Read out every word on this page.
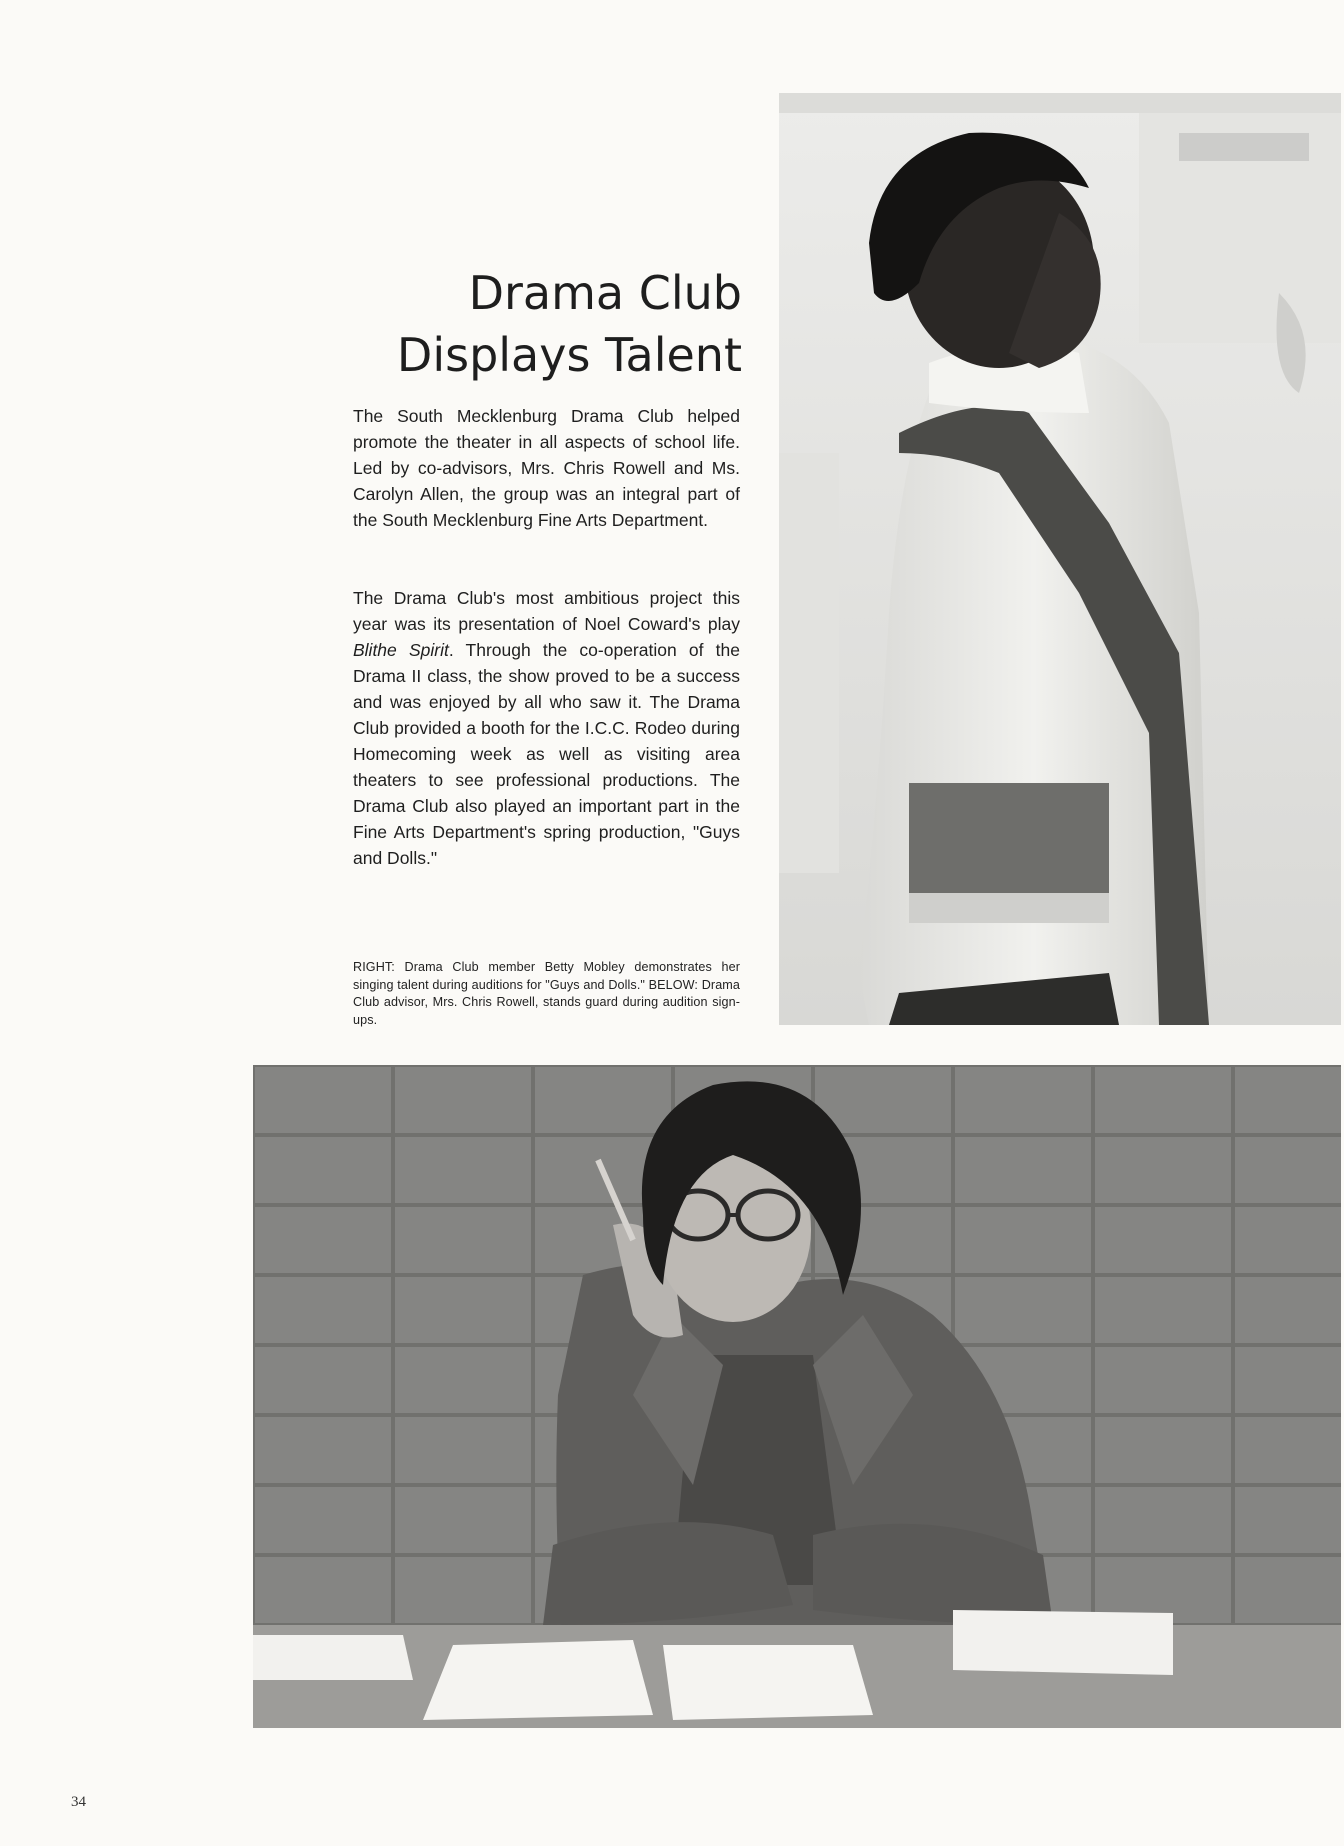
Drama Club
Displays Talent

The South Mecklenburg Drama Club helped promote the theater in all aspects of school life. Led by co-advisors, Mrs. Chris Rowell and Ms. Carolyn Allen, the group was an integral part of the South Mecklenburg Fine Arts Department.

The Drama Club's most ambitious project this year was its presentation of Noel Coward's play Blithe Spirit. Through the co-operation of the Drama II class, the show proved to be a success and was enjoyed by all who saw it. The Drama Club provided a booth for the I.C.C. Rodeo during Homecoming week as well as visiting area theaters to see professional productions. The Drama Club also played an important part in the Fine Arts Department's spring production, "Guys and Dolls."

RIGHT: Drama Club member Betty Mobley demonstrates her singing talent during auditions for "Guys and Dolls." BELOW: Drama Club advisor, Mrs. Chris Rowell, stands guard during audition sign-ups.

34
